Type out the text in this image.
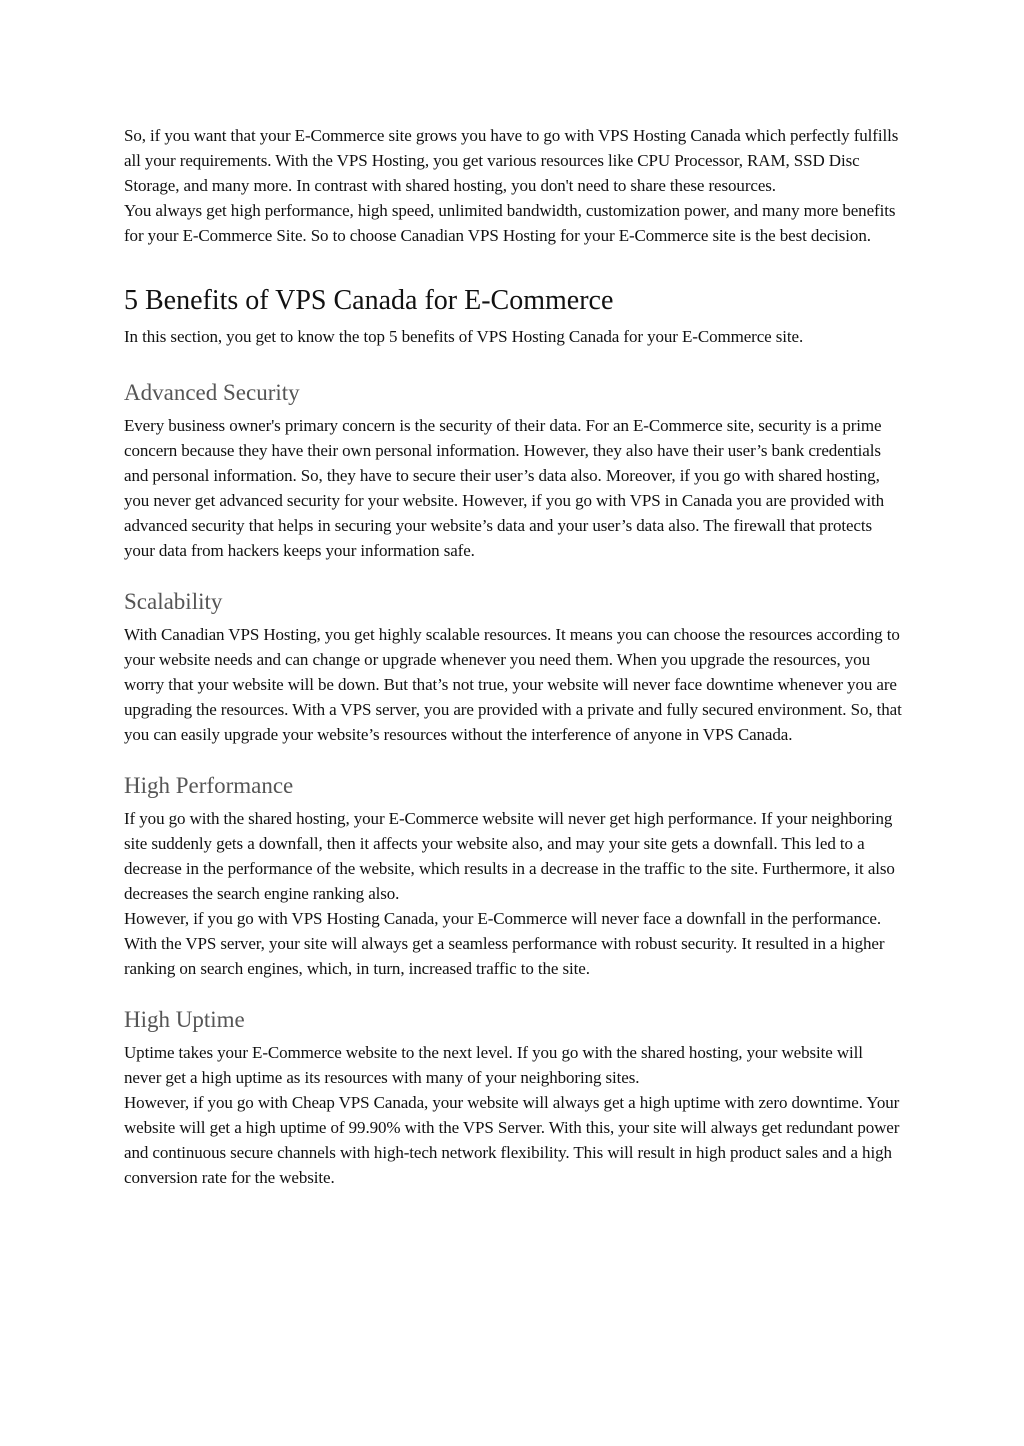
So, if you want that your E-Commerce site grows you have to go with VPS Hosting Canada which perfectly fulfills all your requirements. With the VPS Hosting, you get various resources like CPU Processor, RAM, SSD Disc Storage, and many more. In contrast with shared hosting, you don't need to share these resources.

You always get high performance, high speed, unlimited bandwidth, customization power, and many more benefits for your E-Commerce Site. So to choose Canadian VPS Hosting for your E-Commerce site is the best decision.

5 Benefits of VPS Canada for E-Commerce

In this section, you get to know the top 5 benefits of VPS Hosting Canada for your E-Commerce site.

Advanced Security

Every business owner's primary concern is the security of their data. For an E-Commerce site, security is a prime concern because they have their own personal information. However, they also have their user’s bank credentials and personal information. So, they have to secure their user’s data also. Moreover, if you go with shared hosting, you never get advanced security for your website. However, if you go with VPS in Canada you are provided with advanced security that helps in securing your website’s data and your user’s data also. The firewall that protects your data from hackers keeps your information safe.

Scalability

With Canadian VPS Hosting, you get highly scalable resources. It means you can choose the resources according to your website needs and can change or upgrade whenever you need them. When you upgrade the resources, you worry that your website will be down. But that’s not true, your website will never face downtime whenever you are upgrading the resources. With a VPS server, you are provided with a private and fully secured environment. So, that you can easily upgrade your website’s resources without the interference of anyone in VPS Canada.

High Performance

If you go with the shared hosting, your E-Commerce website will never get high performance. If your neighboring site suddenly gets a downfall, then it affects your website also, and may your site gets a downfall. This led to a decrease in the performance of the website, which results in a decrease in the traffic to the site. Furthermore, it also decreases the search engine ranking also.

However, if you go with VPS Hosting Canada, your E-Commerce will never face a downfall in the performance. With the VPS server, your site will always get a seamless performance with robust security. It resulted in a higher ranking on search engines, which, in turn, increased traffic to the site.

High Uptime

Uptime takes your E-Commerce website to the next level. If you go with the shared hosting, your website will never get a high uptime as its resources with many of your neighboring sites.

However, if you go with Cheap VPS Canada, your website will always get a high uptime with zero downtime. Your website will get a high uptime of 99.90% with the VPS Server. With this, your site will always get redundant power and continuous secure channels with high-tech network flexibility. This will result in high product sales and a high conversion rate for the website.
